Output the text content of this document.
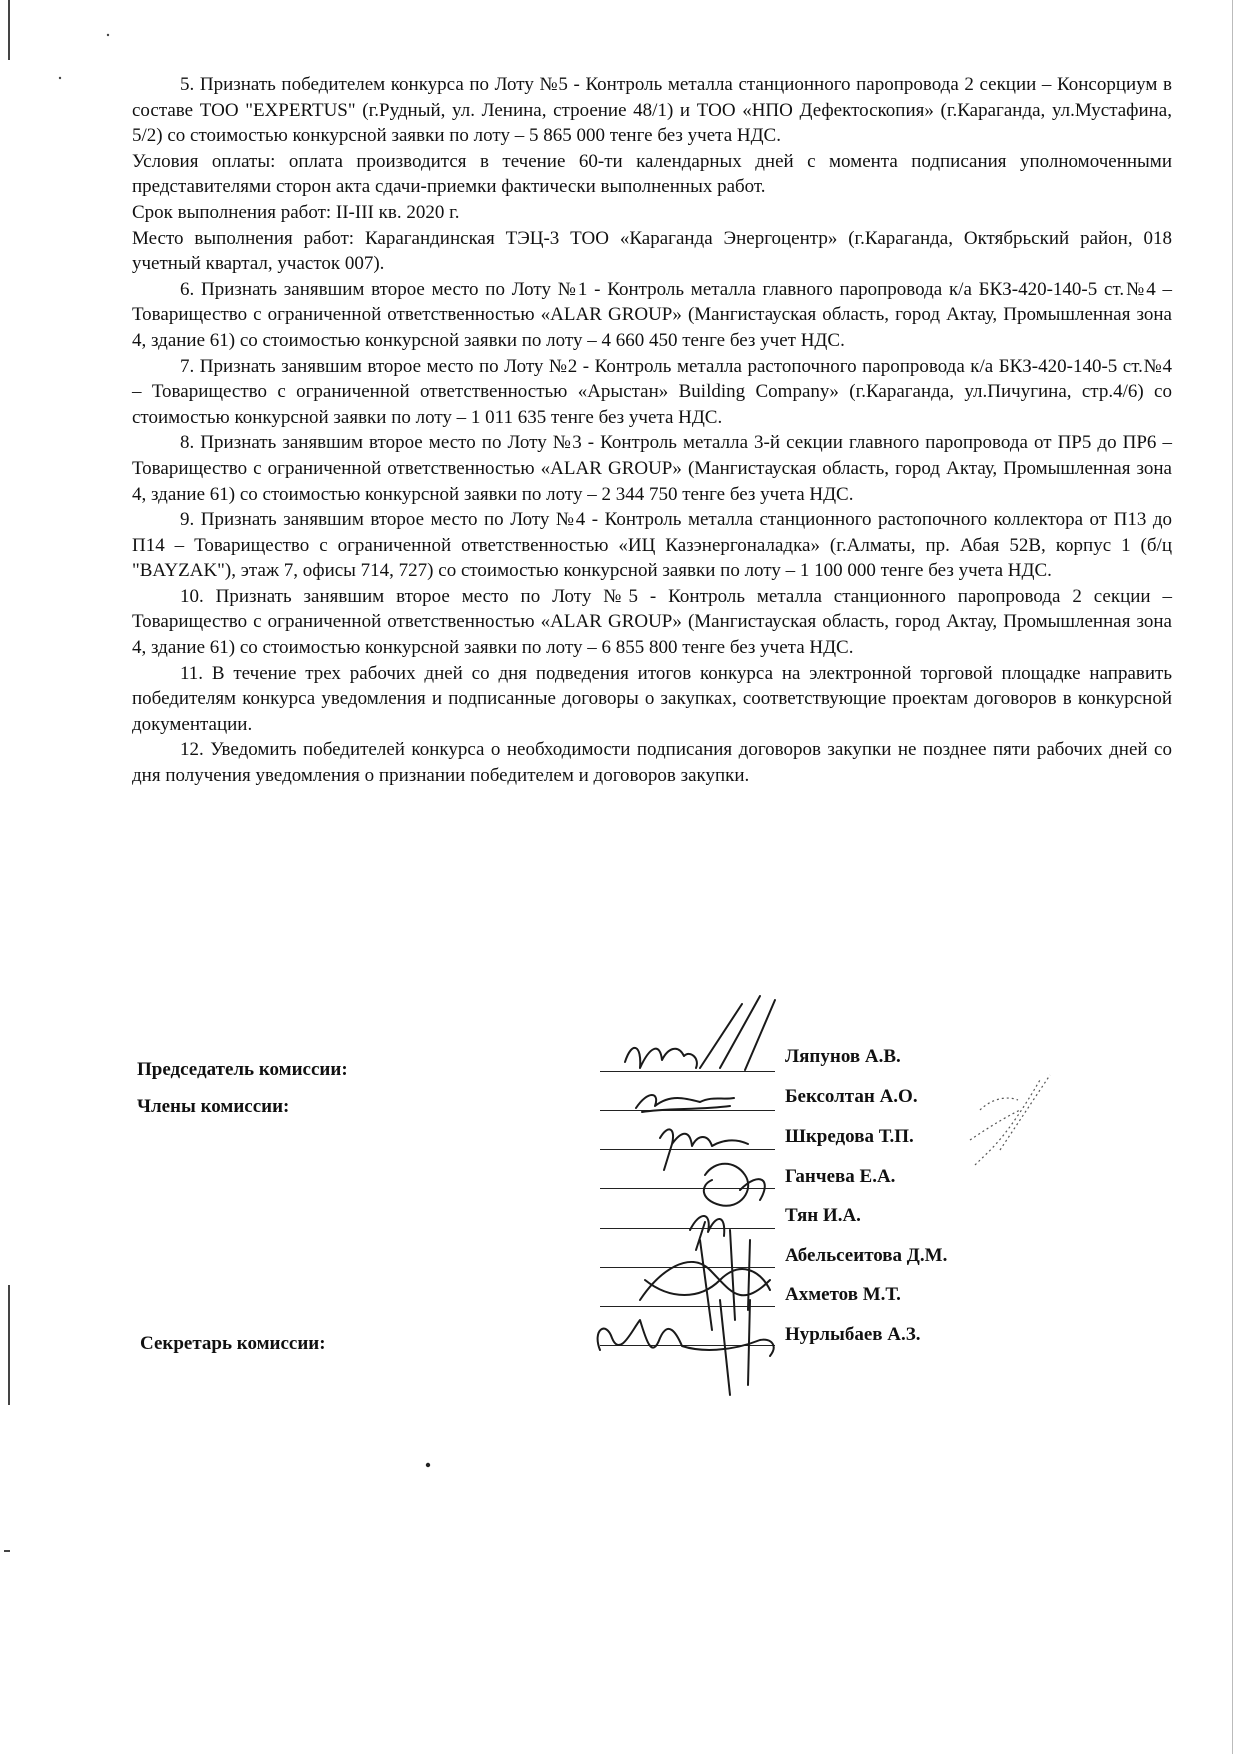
5. Признать победителем конкурса по Лоту №5 - Контроль металла станционного паропровода 2 секции – Консорциум в составе ТОО "EXPERTUS" (г.Рудный, ул. Ленина, строение 48/1) и ТОО «НПО Дефектоскопия» (г.Караганда, ул.Мустафина, 5/2) со стоимостью конкурсной заявки по лоту – 5 865 000 тенге без учета НДС.

Условия оплаты: оплата производится в течение 60-ти календарных дней с момента подписания уполномоченными представителями сторон акта сдачи-приемки фактически выполненных работ.

Срок выполнения работ: II-III кв. 2020 г.

Место выполнения работ: Карагандинская ТЭЦ-3 ТОО «Караганда Энергоцентр» (г.Караганда, Октябрьский район, 018 учетный квартал, участок 007).

6. Признать занявшим второе место по Лоту №1 - Контроль металла главного паропровода к/а БКЗ-420-140-5 ст.№4 – Товарищество с ограниченной ответственностью «ALAR GROUP» (Мангистауская область, город Актау, Промышленная зона 4, здание 61) со стоимостью конкурсной заявки по лоту – 4 660 450 тенге без учет НДС.

7. Признать занявшим второе место по Лоту №2 - Контроль металла растопочного паропровода к/а БКЗ-420-140-5 ст.№4 – Товарищество с ограниченной ответственностью «Арыстан» Building Company» (г.Караганда, ул.Пичугина, стр.4/6) со стоимостью конкурсной заявки по лоту – 1 011 635 тенге без учета НДС.

8. Признать занявшим второе место по Лоту №3 - Контроль металла 3-й секции главного паропровода от ПР5 до ПР6 – Товарищество с ограниченной ответственностью «ALAR GROUP» (Мангистауская область, город Актау, Промышленная зона 4, здание 61) со стоимостью конкурсной заявки по лоту – 2 344 750 тенге без учета НДС.

9. Признать занявшим второе место по Лоту №4 - Контроль металла станционного растопочного коллектора от П13 до П14 – Товарищество с ограниченной ответственностью «ИЦ Казэнергоналадка» (г.Алматы, пр. Абая 52В, корпус 1 (б/ц "BAYZAK"), этаж 7, офисы 714, 727) со стоимостью конкурсной заявки по лоту – 1 100 000 тенге без учета НДС.

10. Признать занявшим второе место по Лоту №5 - Контроль металла станционного паропровода 2 секции – Товарищество с ограниченной ответственностью «ALAR GROUP» (Мангистауская область, город Актау, Промышленная зона 4, здание 61) со стоимостью конкурсной заявки по лоту – 6 855 800 тенге без учета НДС.

11. В течение трех рабочих дней со дня подведения итогов конкурса на электронной торговой площадке направить победителям конкурса уведомления и подписанные договоры о закупках, соответствующие проектам договоров в конкурсной документации.

12. Уведомить победителей конкурса о необходимости подписания договоров закупки не позднее пяти рабочих дней со дня получения уведомления о признании победителем и договоров закупки.

Председатель комиссии:
Члены комиссии:
Секретарь комиссии:
Ляпунов А.В.
Бексолтан А.О.
Шкредова Т.П.
Ганчева Е.А.
Тян И.А.
Абельсеитова Д.М.
Ахметов М.Т.
Нурлыбаев А.З.
